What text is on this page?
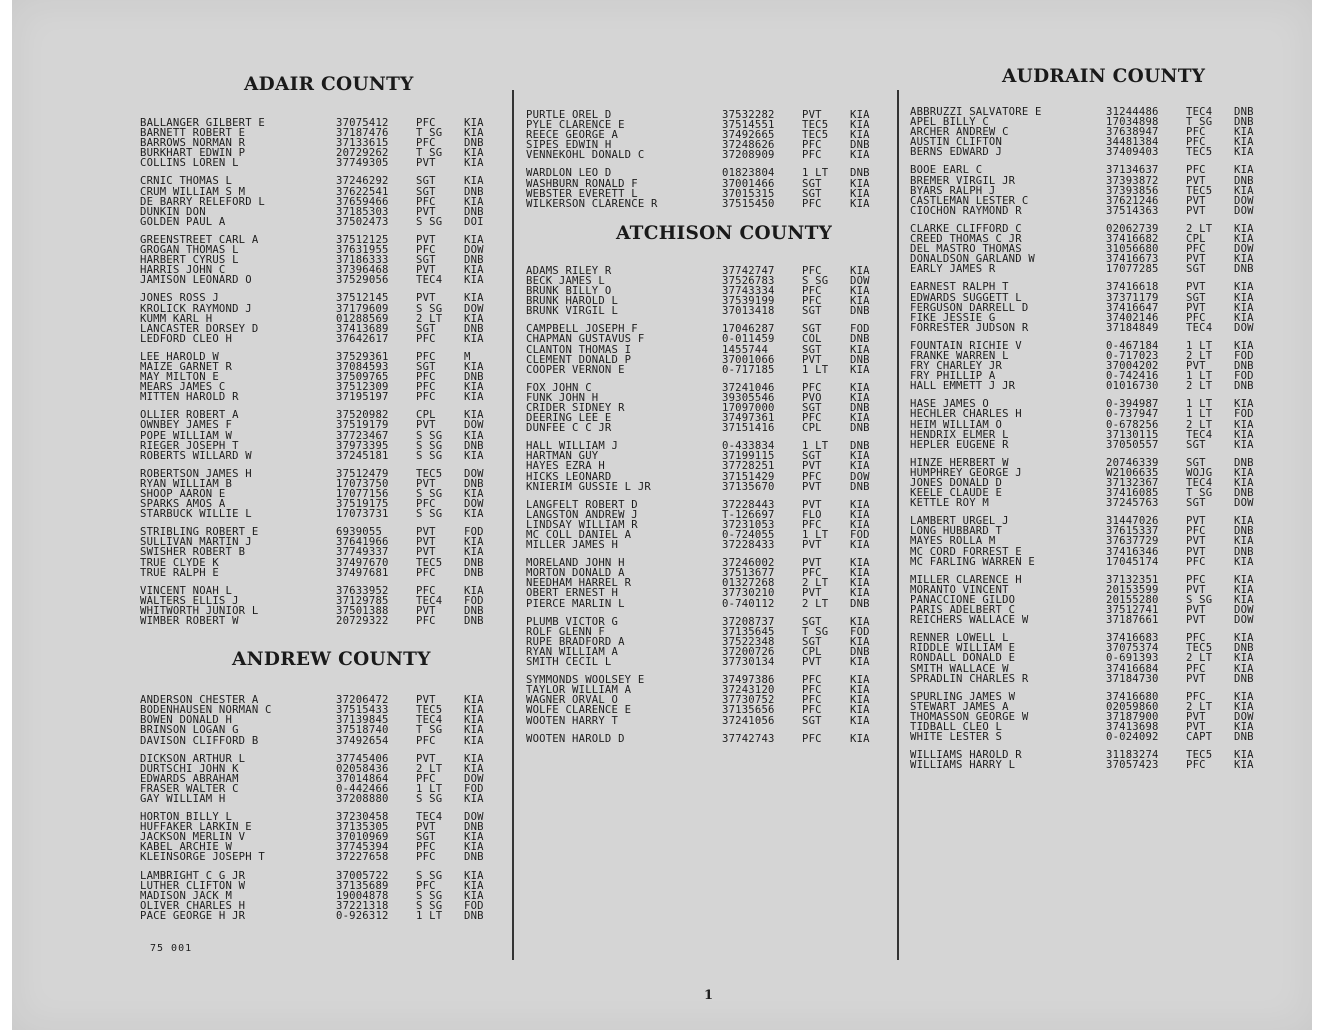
ADAIR COUNTY
BALLANGER GILBERT E	37075412	PFC	KIA
BARNETT ROBERT E	37187476	T SG	KIA
BARROWS NORMAN R	37133615	PFC	DNB
BURKHART EDWIN P	20729262	T SG	KIA
COLLINS LOREN L	37749305	PVT	KIA
CRNIC THOMAS L	37246292	SGT	KIA
CRUM WILLIAM S M	37622541	SGT	DNB
DE BARRY RELEFORD L	37659466	PFC	KIA
DUNKIN DON	37185303	PVT	DNB
GOLDEN PAUL A	37502473	S SG	DOI
GREENSTREET CARL A	37512125	PVT	KIA
GROGAN THOMAS L	37631955	PFC	DOW
HARBERT CYRUS L	37186333	SGT	DNB
HARRIS JOHN C	37396468	PVT	KIA
JAMISON LEONARD O	37529056	TEC4	KIA
JONES ROSS J	37512145	PVT	KIA
KROLICK RAYMOND J	37179609	S SG	DOW
KUMM KARL H	01288569	2 LT	KIA
LANCASTER DORSEY D	37413689	SGT	DNB
LEDFORD CLEO H	37642617	PFC	KIA
LEE HAROLD W	37529361	PFC	M
MAIZE GARNET R	37084593	SGT	KIA
MAY MILTON E	37509765	PFC	DNB
MEARS JAMES C	37512309	PFC	KIA
MITTEN HAROLD R	37195197	PFC	KIA
OLLIER ROBERT A	37520982	CPL	KIA
OWNBEY JAMES F	37519179	PVT	DOW
POPE WILLIAM W	37723467	S SG	KIA
RIEGER JOSEPH T	37973395	S SG	DNB
ROBERTS WILLARD W	37245181	S SG	KIA
ROBERTSON JAMES H	37512479	TEC5	DOW
RYAN WILLIAM B	17073750	PVT	DNB
SHOOP AARON E	17077156	S SG	KIA
SPARKS AMOS A	37519175	PFC	DOW
STARBUCK WILLIE L	17073731	S SG	KIA
STRIBLING ROBERT E	6939055	PVT	FOD
SULLIVAN MARTIN J	37641966	PVT	KIA
SWISHER ROBERT B	37749337	PVT	KIA
TRUE CLYDE K	37497670	TEC5	DNB
TRUE RALPH E	37497681	PFC	DNB
VINCENT NOAH L	37633952	PFC	KIA
WALTERS ELLIS J	37129785	TEC4	FOD
WHITWORTH JUNIOR L	37501388	PVT	DNB
WIMBER ROBERT W	20729322	PFC	DNB
ANDREW COUNTY
ANDERSON CHESTER A	37206472	PVT	KIA
BODENHAUSEN NORMAN C	37515433	TEC5	KIA
BOWEN DONALD H	37139845	TEC4	KIA
BRINSON LOGAN G	37518740	T SG	KIA
DAVISON CLIFFORD B	37492654	PFC	KIA
DICKSON ARTHUR L	37745406	PVT	KIA
DURTSCHI JOHN K	02058436	2 LT	KIA
EDWARDS ABRAHAM	37014864	PFC	DOW
FRASER WALTER C	0-442466	1 LT	FOD
GAY WILLIAM H	37208880	S SG	KIA
HORTON BILLY L	37230458	TEC4	DOW
HUFFAKER LARKIN E	37135305	PVT	DNB
JACKSON MERLIN V	37010969	SGT	KIA
KABEL ARCHIE W	37745394	PFC	KIA
KLEINSORGE JOSEPH T	37227658	PFC	DNB
LAMBRIGHT C G JR	37005722	S SG	KIA
LUTHER CLIFTON W	37135689	PFC	KIA
MADISON JACK M	19004878	S SG	KIA
OLIVER CHARLES H	37221318	S SG	FOD
PACE GEORGE H JR	0-926312	1 LT	DNB
PURTLE OREL D	37532282	PVT	KIA
PYLE CLARENCE E	37514551	TEC5	KIA
REECE GEORGE A	37492665	TEC5	KIA
SIPES EDWIN H	37248626	PFC	DNB
VENNEKOHL DONALD C	37208909	PFC	KIA
WARDLON LEO D	01823804	1 LT	DNB
WASHBURN RONALD F	37001466	SGT	KIA
WEBSTER EVERETT L	37015315	SGT	KIA
WILKERSON CLARENCE R	37515450	PFC	KIA
ATCHISON COUNTY
ADAMS RILEY R	37742747	PFC	KIA
BECK JAMES L	37526783	S SG	DOW
BRUNK BILLY O	37743334	PFC	KIA
BRUNK HAROLD L	37539199	PFC	KIA
BRUNK VIRGIL L	37013418	SGT	DNB
CAMPBELL JOSEPH F	17046287	SGT	FOD
CHAPMAN GUSTAVUS F	0-011459	COL	DNB
CLANTON THOMAS I	1455744	SGT	KIA
CLEMENT DONALD P	37001066	PVT	DNB
COOPER VERNON E	0-717185	1 LT	KIA
FOX JOHN C	37241046	PFC	KIA
FUNK JOHN H	39305546	PVO	KIA
CRIDER SIDNEY R	17097000	SGT	DNB
DEERING LEE E	37497361	PFC	KIA
DUNFEE C C JR	37151416	CPL	DNB
HALL WILLIAM J	0-433834	1 LT	DNB
HARTMAN GUY	37199115	SGT	KIA
HAYES EZRA H	37728251	PVT	KIA
HICKS LEONARD	37151429	PFC	DOW
KNIERIM GUSSIE L JR	37135670	PVT	DNB
LANGFELT ROBERT D	37228443	PVT	KIA
LANGSTON ANDREW J	T-126697	FLO	KIA
LINDSAY WILLIAM R	37231053	PFC	KIA
MC COLL DANIEL A	0-724055	1 LT	FOD
MILLER JAMES H	37228433	PVT	KIA
MORELAND JOHN H	37246002	PVT	KIA
MORTON DONALD A	37513677	PFC	KIA
NEEDHAM HARREL R	01327268	2 LT	KIA
OBERT ERNEST H	37730210	PVT	KIA
PIERCE MARLIN L	0-740112	2 LT	DNB
PLUMB VICTOR G	37208737	SGT	KIA
ROLF GLENN F	37135645	T SG	FOD
RUPE BRADFORD A	37522348	SGT	KIA
RYAN WILLIAM A	37200726	CPL	DNB
SMITH CECIL L	37730134	PVT	KIA
SYMMONDS WOOLSEY E	37497386	PFC	KIA
TAYLOR WILLIAM A	37243120	PFC	KIA
WAGNER ORVAL O	37730752	PFC	KIA
WOLFE CLARENCE E	37135656	PFC	KIA
WOOTEN HARRY T	37241056	SGT	KIA
WOOTEN HAROLD D	37742743	PFC	KIA
AUDRAIN COUNTY
ABBRUZZI SALVATORE E	31244486	TEC4	DNB
APEL BILLY C	17034898	T SG	DNB
ARCHER ANDREW C	37638947	PFC	KIA
AUSTIN CLIFTON	34481384	PFC	KIA
BERNS EDWARD J	37409403	TEC5	KIA
BOOE EARL C	37134637	PFC	KIA
BREMER VIRGIL JR	37393872	PVT	DNB
BYARS RALPH J	37393856	TEC5	KIA
CASTLEMAN LESTER C	37621246	PVT	DOW
CIOCHON RAYMOND R	37514363	PVT	DOW
CLARKE CLIFFORD C	02062739	2 LT	KIA
CREED THOMAS C JR	37416682	CPL	KIA
DEL MASTRO THOMAS	31056680	PFC	DOW
DONALDSON GARLAND W	37416673	PVT	KIA
EARLY JAMES R	17077285	SGT	DNB
EARNEST RALPH T	37416618	PVT	KIA
EDWARDS SUGGETT L	37371179	SGT	KIA
FERGUSON DARRELL D	37416647	PVT	KIA
FIKE JESSIE G	37402146	PFC	KIA
FORRESTER JUDSON R	37184849	TEC4	DOW
FOUNTAIN RICHIE V	0-467184	1 LT	KIA
FRANKE WARREN L	0-717023	2 LT	FOD
FRY CHARLEY JR	37004202	PVT	DNB
FRY PHILLIP A	0-742416	1 LT	FOD
HALL EMMETT J JR	01016730	2 LT	DNB
HASE JAMES O	0-394987	1 LT	KIA
HECHLER CHARLES H	0-737947	1 LT	FOD
HEIM WILLIAM O	0-678256	2 LT	KIA
HENDRIX ELMER L	37130115	TEC4	KIA
HEPLER EUGENE R	37050557	SGT	KIA
HINZE HERBERT W	20746339	SGT	DNB
HUMPHREY GEORGE J	W2106635	WOJG	KIA
JONES DONALD D	37132367	TEC4	KIA
KEELE CLAUDE E	37416085	T SG	DNB
KETTLE ROY M	37245763	SGT	DOW
LAMBERT URGEL J	31447026	PVT	KIA
LONG HUBBARD T	37615337	PFC	DNB
MAYES ROLLA M	37637729	PVT	KIA
MC CORD FORREST E	37416346	PVT	DNB
MC FARLING WARREN E	17045174	PFC	KIA
MILLER CLARENCE H	37132351	PFC	KIA
MORANTO VINCENT	20153599	PVT	KIA
PANACCIONE GILDO	20155280	S SG	KIA
PARIS ADELBERT C	37512741	PVT	DOW
REICHERS WALLACE W	37187661	PVT	DOW
RENNER LOWELL L	37416683	PFC	KIA
RIDDLE WILLIAM E	37075374	TEC5	DNB
RONDALL DONALD E	0-691393	2 LT	KIA
SMITH WALLACE W	37416684	PFC	KIA
SPRADLIN CHARLES R	37184730	PVT	DNB
SPURLING JAMES W	37416680	PFC	KIA
STEWART JAMES A	02059860	2 LT	KIA
THOMASSON GEORGE W	37187900	PVT	DOW
TIDBALL CLEO L	37413698	PVT	KIA
WHITE LESTER S	0-024092	CAPT	DNB
WILLIAMS HAROLD R	31183274	TEC5	KIA
WILLIAMS HARRY L	37057423	PFC	KIA
75 001
1
